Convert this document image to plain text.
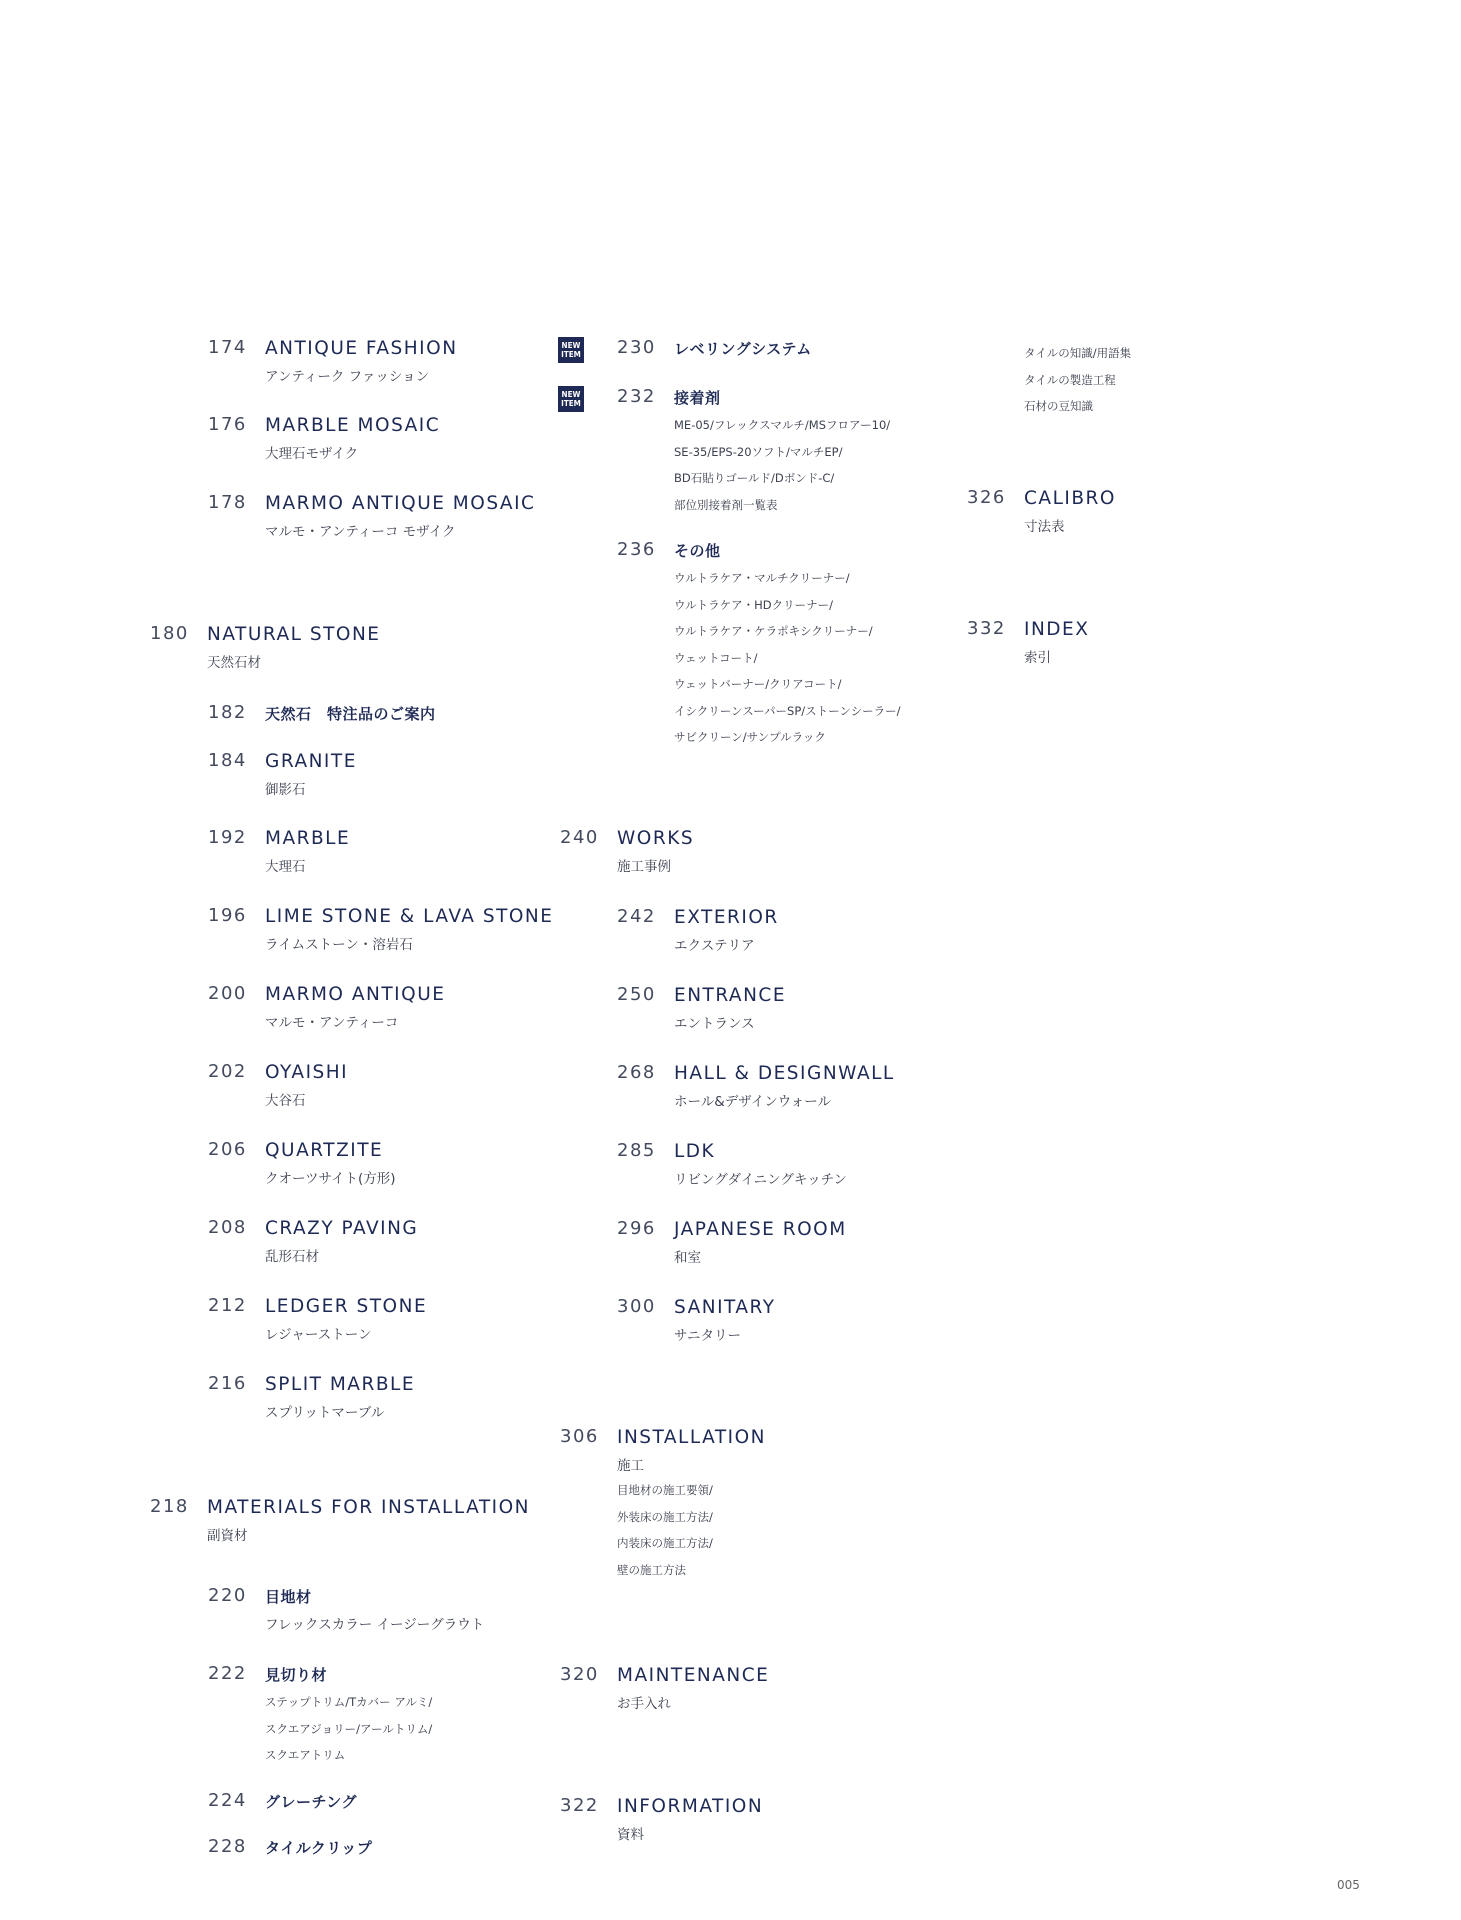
174 ANTIQUE FASHION
アンティーク ファッション
176 MARBLE MOSAIC
大理石モザイク
178 MARMO ANTIQUE MOSAIC
マルモ・アンティーコ モザイク
180 NATURAL STONE
天然石材
182 天然石　特注品のご案内
184 GRANITE
御影石
192 MARBLE
大理石
196 LIME STONE & LAVA STONE
ライムストーン・溶岩石
200 MARMO ANTIQUE
マルモ・アンティーコ
202 OYAISHI
大谷石
206 QUARTZITE
クオーツサイト(方形)
208 CRAZY PAVING
乱形石材
212 LEDGER STONE
レジャーストーン
216 SPLIT MARBLE
スプリットマーブル
218 MATERIALS FOR INSTALLATION
副資材
220 目地材
フレックスカラー イージーグラウト
222 見切り材
ステップトリム/Tカバー アルミ/
スクエアジョリー/アールトリム/
スクエアトリム
224 グレーチング
228 タイルクリップ
230
NEW
ITEM	レベリングシステム
232
NEW
ITEM	接着剤
ME-05/フレックスマルチ/MSフロアー10/
SE-35/EPS-20ソフト/マルチEP/
BD石貼りゴールド/Dボンド-C/
部位別接着剤一覧表
236 その他
ウルトラケア・マルチクリーナー/
ウルトラケア・HDクリーナー/
ウルトラケア・ケラポキシクリーナー/
ウェットコート/
ウェットバーナー/クリアコート/
イシクリーンスーパーSP/ストーンシーラー/
サビクリーン/サンプルラック
240 WORKS
施工事例
242 EXTERIOR
エクステリア
250 ENTRANCE
エントランス
268 HALL & DESIGNWALL
ホール&デザインウォール
285 LDK
リビングダイニングキッチン
296 JAPANESE ROOM
和室
300 SANITARY
サニタリー
306 INSTALLATION
施工
目地材の施工要領/
外装床の施工方法/
内装床の施工方法/
壁の施工方法
320 MAINTENANCE
お手入れ
322 INFORMATION
資料
タイルの知識/用語集
タイルの製造工程
石材の豆知識
326 CALIBRO
寸法表
332 INDEX
索引
005
